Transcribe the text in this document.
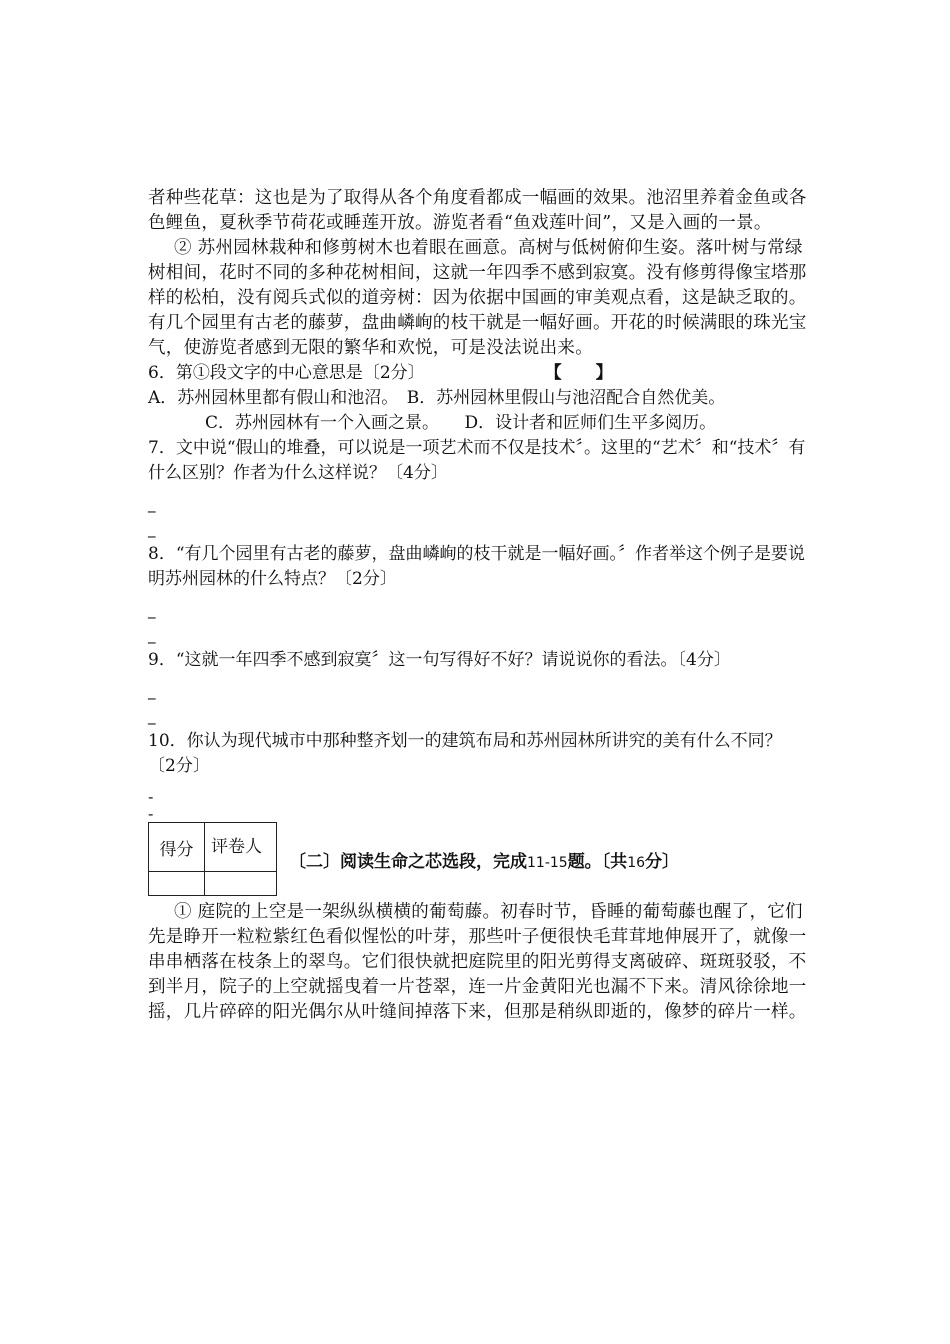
者种些花草：这也是为了取得从各个角度看都成一幅画的效果。池沼里养着金鱼或各色鲤鱼，夏秋季节荷花或睡莲开放。游览者看“鱼戏莲叶间”，又是入画的一景。

② 苏州园林栽种和修剪树木也着眼在画意。高树与低树俯仰生姿。落叶树与常绿树相间，花时不同的多种花树相间，这就一年四季不感到寂寞。没有修剪得像宝塔那样的松柏，没有阅兵式似的道旁树：因为依据中国画的审美观点看，这是缺乏取的。有几个园里有古老的藤萝，盘曲嶙峋的枝干就是一幅好画。开花的时候满眼的珠光宝气，使游览者感到无限的繁华和欢悦，可是没法说出来。

6．第①段文字的中心意思是〔2分〕	【　　】

A．苏州园林里都有假山和池沼。　B．苏州园林里假山与池沼配合自然优美。

C．苏州园林有一个入画之景。　　D．设计者和匠师们生平多阅历。

7．文中说“假山的堆叠，可以说是一项艺术而不仅是技术〞。这里的“艺术〞和“技术〞有什么区别？作者为什么这样说？〔4分〕

_

_

8．“有几个园里有古老的藤萝，盘曲嶙峋的枝干就是一幅好画。〞作者举这个例子是要说明苏州园林的什么特点？〔2分〕

_

_

9．“这就一年四季不感到寂寞〞这一句写得好不好？请说说你的看法。〔4分〕

_

_

10．你认为现代城市中那种整齐划一的建筑布局和苏州园林所讲究的美有什么不同？〔2分〕

-

-

得分	评卷人

〔二〕阅读生命之芯选段，完成11-15题。〔共16分〕

① 庭院的上空是一架纵纵横横的葡萄藤。初春时节，昏睡的葡萄藤也醒了，它们先是睁开一粒粒紫红色看似惺忪的叶芽，那些叶子便很快毛茸茸地伸展开了，就像一串串栖落在枝条上的翠鸟。它们很快就把庭院里的阳光剪得支离破碎、斑斑驳驳，不到半月，院子的上空就摇曳着一片苍翠，连一片金黄阳光也漏不下来。清风徐徐地一摇，几片碎碎的阳光偶尔从叶缝间掉落下来，但那是稍纵即逝的，像梦的碎片一样。
